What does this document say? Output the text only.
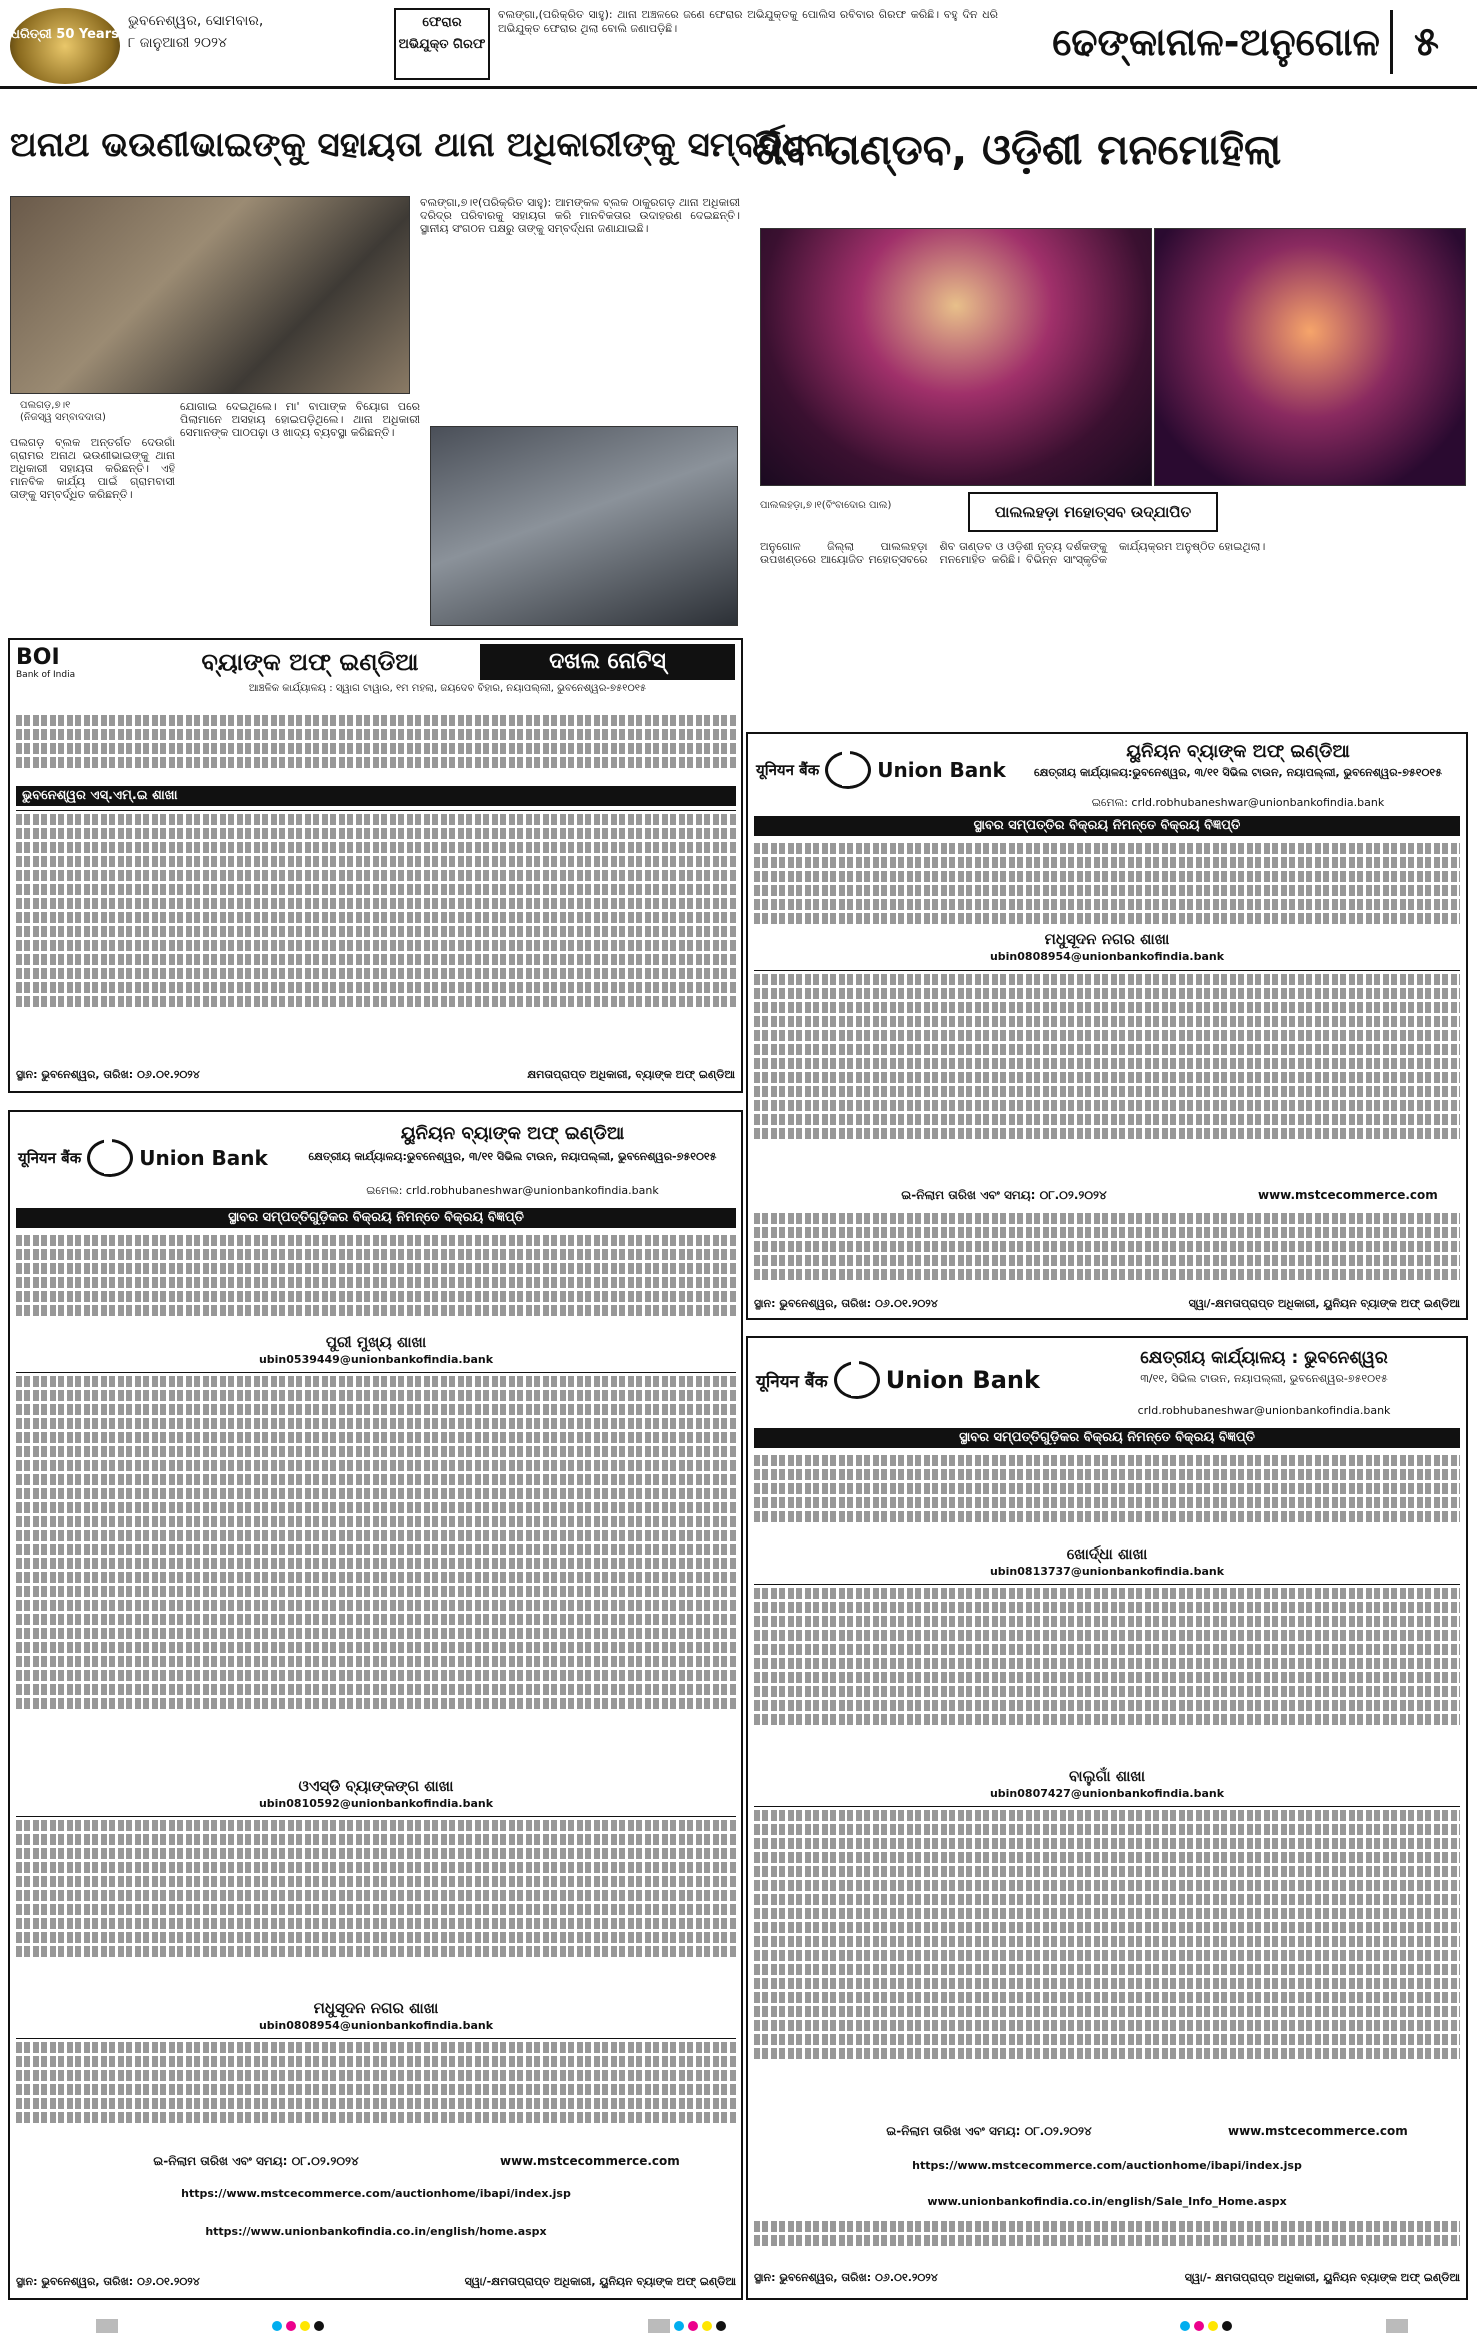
ଧରିତ୍ରୀ 50 Years
ଭୁବନେଶ୍ୱର, ସୋମବାର,
୮ ଜାନୁଆରୀ ୨୦୨୪
ଫେରାର ଅଭିଯୁକ୍ତ ଗିରଫ
ବଲଙ୍ଗା,(ପରିକ୍ରିତ ସାହୁ): ଥାନା ଅଞ୍ଚଳରେ ଜଣେ ଫେରାର ଅଭିଯୁକ୍ତକୁ ପୋଲିସ ରବିବାର ଗିରଫ କରିଛି। ବହୁ ଦିନ ଧରି ଅଭିଯୁକ୍ତ ଫେରାର ଥିଲା ବୋଲି ଜଣାପଡ଼ିଛି।	ଢେଙ୍କାନାଳ-ଅନୁଗୋଳ ୫
ଅନାଥ ଭଉଣୀଭାଇଙ୍କୁ ସହାୟତା ଥାନା ଅଧିକାରୀଙ୍କୁ ସମ୍ବର୍ଦ୍ଧନା
ବଲଙ୍ଗା,୭।୧(ପରିକ୍ରିତ ସାହୁ): ଆମଙ୍କଳ ବ୍ଲକ ଠାକୁରଗଡ଼ ଥାନା ଅଧିକାରୀ ଦରିଦ୍ର ପରିବାରକୁ ସହାୟତା କରି ମାନବିକତାର ଉଦାହରଣ ଦେଇଛନ୍ତି। ସ୍ଥାନୀୟ ସଂଗଠନ ପକ୍ଷରୁ ତାଙ୍କୁ ସମ୍ବର୍ଦ୍ଧନା ଜଣାଯାଇଛି।
ପଲଗଡ଼,୭।୧
(ନିଜସ୍ୱ ସମ୍ବାଦଦାତା)
ଯୋଗାଇ ଦେଇଥିଲେ। ମା' ବାପାଙ୍କ ବିୟୋଗ ପରେ ପିଲାମାନେ ଅସହାୟ ହୋଇପଡ଼ିଥିଲେ। ଥାନା ଅଧିକାରୀ ସେମାନଙ୍କ ପାଠପଢ଼ା ଓ ଖାଦ୍ୟ ବ୍ୟବସ୍ଥା କରିଛନ୍ତି।
ପଲଗଡ଼ ବ୍ଲକ ଅନ୍ତର୍ଗତ ଦେଉଗାଁ ଗ୍ରାମର ଅନାଥ ଭଉଣୀଭାଇଙ୍କୁ ଥାନା ଅଧିକାରୀ ସହାୟତା କରିଛନ୍ତି। ଏହି ମାନବିକ କାର୍ଯ୍ୟ ପାଇଁ ଗ୍ରାମବାସୀ ତାଙ୍କୁ ସମ୍ବର୍ଦ୍ଧିତ କରିଛନ୍ତି।
ଶିବ ତାଣ୍ଡବ, ଓଡ଼ିଶୀ ମନମୋହିଲା
ପାଲଲହଡ଼ା,୭।୧(ବିଂବାଦୋର ପାଲ)	ପାଲଲହଡ଼ା ମହୋତ୍ସବ ଉଦ୍‌ଯାପିତ
ଅନୁଗୋଳ ଜିଲ୍ଲା ପାଲଲହଡ଼ା ଉପଖଣ୍ଡରେ ଆୟୋଜିତ ମହୋତ୍ସବରେ ଶିବ ତାଣ୍ଡବ ଓ ଓଡ଼ିଶୀ ନୃତ୍ୟ ଦର୍ଶକଙ୍କୁ ମନମୋହିତ କରିଛି। ବିଭିନ୍ନ ସାଂସ୍କୃତିକ କାର୍ଯ୍ୟକ୍ରମ ଅନୁଷ୍ଠିତ ହୋଇଥିଲା।
BOI
Bank of India	ବ୍ୟାଙ୍କ ଅଫ୍ ଇଣ୍ଡିଆ	ଦଖଲ ନୋଟିସ୍
ଆଞ୍ଚଳିକ କାର୍ଯ୍ୟାଳୟ : ସ୍ୱାଗ ଟାୱାର, ୧ମ ମହଲା, ଜୟଦେବ ବିହାର, ନୟାପଲ୍ଲୀ, ଭୁବନେଶ୍ୱର-୭୫୧୦୧୫
ଭୁବନେଶ୍ୱର ଏସ୍.ଏମ୍.ଇ ଶାଖା
ସ୍ଥାନ: ଭୁବନେଶ୍ୱର, ତାରିଖ: ୦୬.୦୧.୨୦୨୪	କ୍ଷମତାପ୍ରାପ୍ତ ଅଧିକାରୀ, ବ୍ୟାଙ୍କ ଅଫ୍ ଇଣ୍ଡିଆ
यूनियन बैंक	Union Bank
ୟୁନିୟନ ବ୍ୟାଙ୍କ ଅଫ୍ ଇଣ୍ଡିଆ
କ୍ଷେତ୍ରୀୟ କାର୍ଯ୍ୟାଳୟ:ଭୁବନେଶ୍ୱର, ୩/୧୧ ସିଭିଲ ଟାଉନ, ନୟାପଲ୍ଲୀ, ଭୁବନେଶ୍ୱର-୭୫୧୦୧୫
ଇମେଲ: crld.robhubaneshwar@unionbankofindia.bank
ସ୍ଥାବର ସମ୍ପତ୍ତିର ବିକ୍ରୟ ନିମନ୍ତେ ବିକ୍ରୟ ବିଜ୍ଞପ୍ତି
ମଧୁସୂଦନ ନଗର ଶାଖା
ubin0808954@unionbankofindia.bank
ଇ-ନିଲାମ ତାରିଖ ଏବଂ ସମୟ: ୦୮.୦୨.୨୦୨୪	www.mstcecommerce.com
ସ୍ଥାନ: ଭୁବନେଶ୍ୱର, ତାରିଖ: ୦୬.୦୧.୨୦୨୪	ସ୍ୱା/-କ୍ଷମତାପ୍ରାପ୍ତ ଅଧିକାରୀ, ୟୁନିୟନ ବ୍ୟାଙ୍କ ଅଫ୍ ଇଣ୍ଡିଆ
यूनियन बैंक	Union Bank
ୟୁନିୟନ ବ୍ୟାଙ୍କ ଅଫ୍ ଇଣ୍ଡିଆ
କ୍ଷେତ୍ରୀୟ କାର୍ଯ୍ୟାଳୟ:ଭୁବନେଶ୍ୱର, ୩/୧୧ ସିଭିଲ ଟାଉନ, ନୟାପଲ୍ଲୀ, ଭୁବନେଶ୍ୱର-୭୫୧୦୧୫
ଇମେଲ: crld.robhubaneshwar@unionbankofindia.bank
ସ୍ଥାବର ସମ୍ପତ୍ତିଗୁଡ଼ିକର ବିକ୍ରୟ ନିମନ୍ତେ ବିକ୍ରୟ ବିଜ୍ଞପ୍ତି
ପୁରୀ ମୁଖ୍ୟ ଶାଖା
ubin0539449@unionbankofindia.bank
ଓଏସ୍‌ଡି ବ୍ୟାଙ୍କଙ୍ଗ ଶାଖା
ubin0810592@unionbankofindia.bank
ମଧୁସୂଦନ ନଗର ଶାଖା
ubin0808954@unionbankofindia.bank
ଇ-ନିଲାମ ତାରିଖ ଏବଂ ସମୟ: ୦୮.୦୨.୨୦୨୪	www.mstcecommerce.com
https://www.mstcecommerce.com/auctionhome/ibapi/index.jsp
https://www.unionbankofindia.co.in/english/home.aspx
ସ୍ଥାନ: ଭୁବନେଶ୍ୱର, ତାରିଖ: ୦୬.୦୧.୨୦୨୪	ସ୍ୱା/-କ୍ଷମତାପ୍ରାପ୍ତ ଅଧିକାରୀ, ୟୁନିୟନ ବ୍ୟାଙ୍କ ଅଫ୍ ଇଣ୍ଡିଆ
यूनियन बैंक Union Bank
କ୍ଷେତ୍ରୀୟ କାର୍ଯ୍ୟାଳୟ : ଭୁବନେଶ୍ୱର
୩/୧୧, ସିଭିଲ ଟାଉନ, ନୟାପଲ୍ଲୀ, ଭୁବନେଶ୍ୱର-୭୫୧୦୧୫
crld.robhubaneshwar@unionbankofindia.bank
ସ୍ଥାବର ସମ୍ପତ୍ତିଗୁଡ଼ିକର ବିକ୍ରୟ ନିମନ୍ତେ ବିକ୍ରୟ ବିଜ୍ଞପ୍ତି
ଖୋର୍ଦ୍ଧା ଶାଖା
ubin0813737@unionbankofindia.bank
ବାଲୁଗାଁ ଶାଖା
ubin0807427@unionbankofindia.bank
ଇ-ନିଲାମ ତାରିଖ ଏବଂ ସମୟ: ୦୮.୦୨.୨୦୨୪	www.mstcecommerce.com
https://www.mstcecommerce.com/auctionhome/ibapi/index.jsp
www.unionbankofindia.co.in/english/Sale_Info_Home.aspx
ସ୍ଥାନ: ଭୁବନେଶ୍ୱର, ତାରିଖ: ୦୬.୦୧.୨୦୨୪	ସ୍ୱା/- କ୍ଷମତାପ୍ରାପ୍ତ ଅଧିକାରୀ, ୟୁନିୟନ ବ୍ୟାଙ୍କ ଅଫ୍ ଇଣ୍ଡିଆ
